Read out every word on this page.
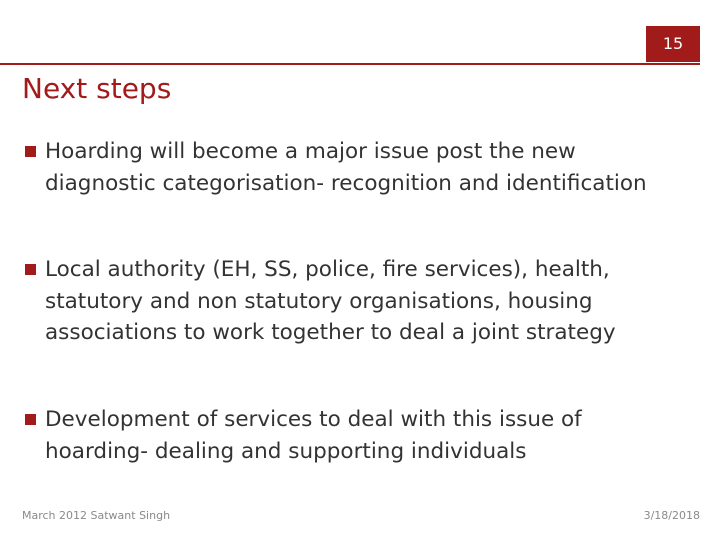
15
Next steps
Hoarding will become a major issue post the new diagnostic categorisation- recognition and identification
Local authority (EH, SS, police, fire services), health, statutory and non statutory organisations, housing associations to work together to deal a joint strategy
Development of services to deal with this issue of hoarding- dealing and supporting individuals
March 2012 Satwant Singh	3/18/2018
